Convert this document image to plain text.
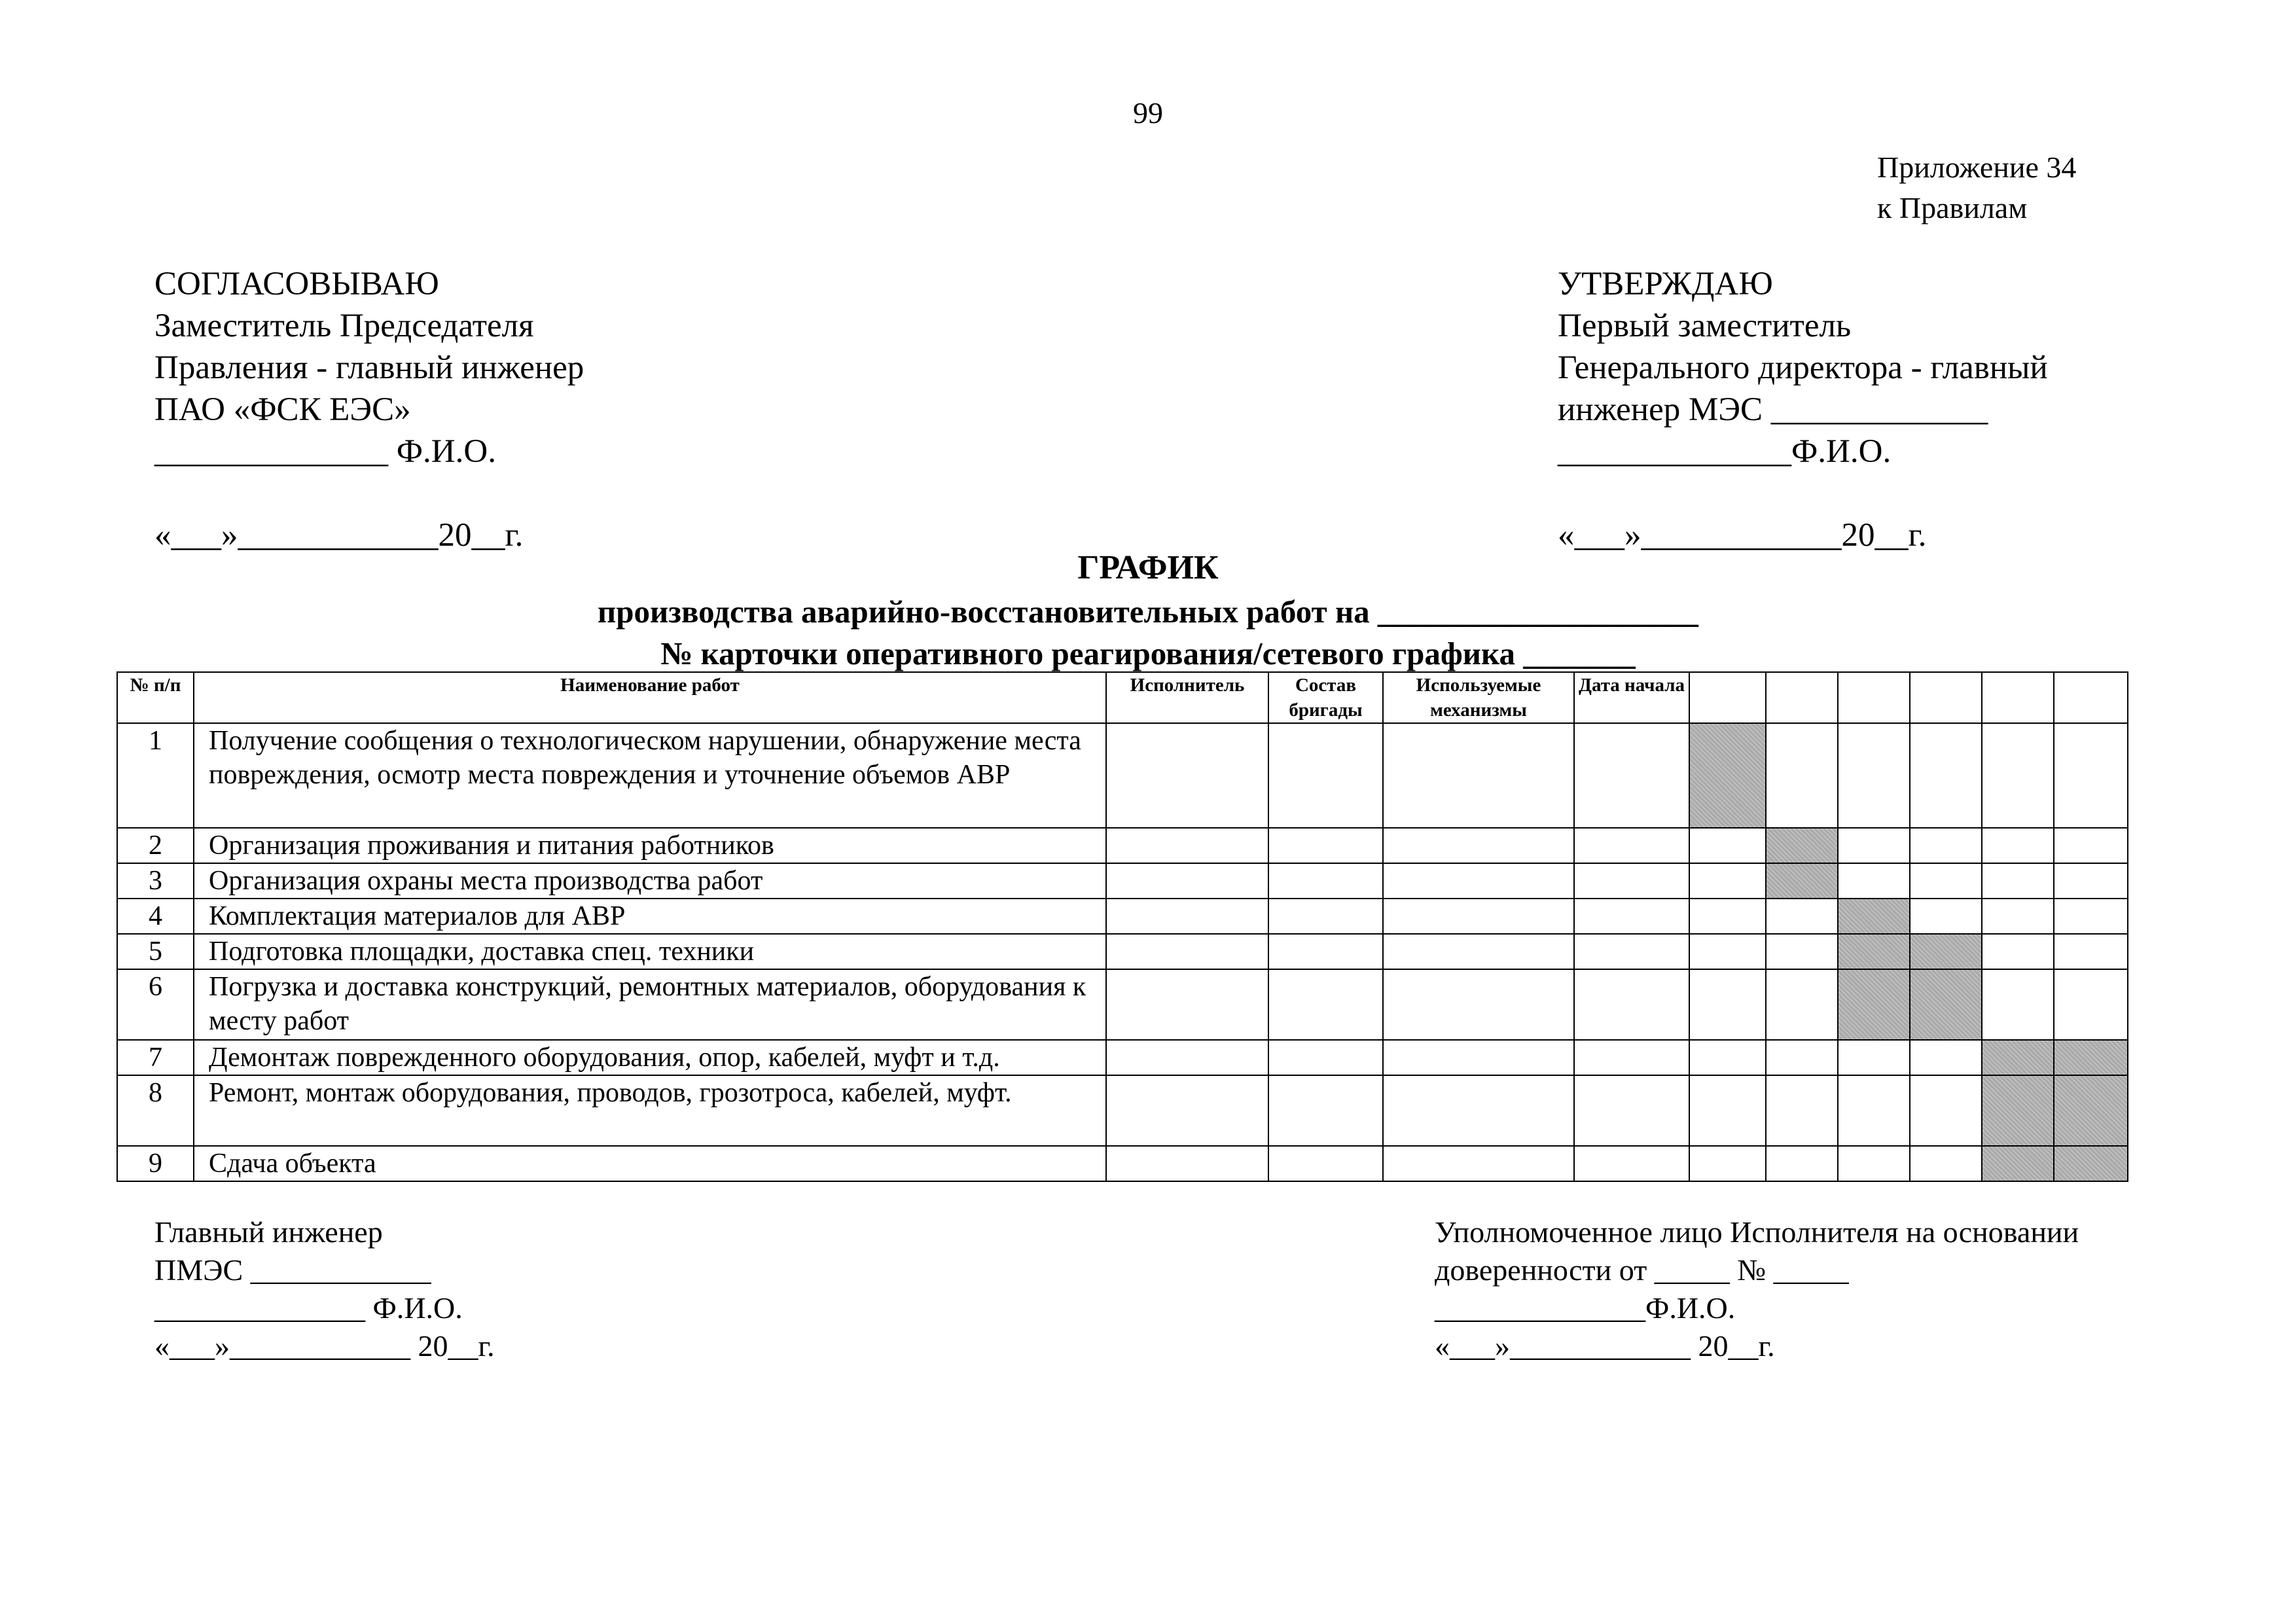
99
Приложение 34
к Правилам
СОГЛАСОВЫВАЮ
Заместитель Председателя
Правления - главный инженер
ПАО «ФСК ЕЭС»
______________ Ф.И.О.
«___»____________20__г.
УТВЕРЖДАЮ
Первый заместитель
Генерального директора - главный
инженер МЭС _____________
______________Ф.И.О.
«___»____________20__г.
ГРАФИК
производства аварийно-восстановительных работ на ____________________
№ карточки оперативного реагирования/сетевого графика _______
№ п/п	Наименование работ	Исполнитель	Состав бригады	Используемые механизмы	Дата начала						
1	Получение сообщения о технологическом нарушении, обнаружение места повреждения, осмотр места повреждения и уточнение объемов АВР										
2	Организация проживания и питания работников										
3	Организация охраны места производства работ										
4	Комплектация материалов для АВР										
5	Подготовка площадки, доставка спец. техники										
6	Погрузка и доставка конструкций, ремонтных материалов, оборудования к месту работ										
7	Демонтаж поврежденного оборудования, опор, кабелей, муфт и т.д.										
8	Ремонт, монтаж оборудования, проводов, грозотроса, кабелей, муфт.										
9	Сдача объекта										
Главный инженер
ПМЭС ____________
______________ Ф.И.О.
«___»____________ 20__г.
Уполномоченное лицо Исполнителя на основании
доверенности от _____ № _____
______________Ф.И.О.
«___»____________ 20__г.
